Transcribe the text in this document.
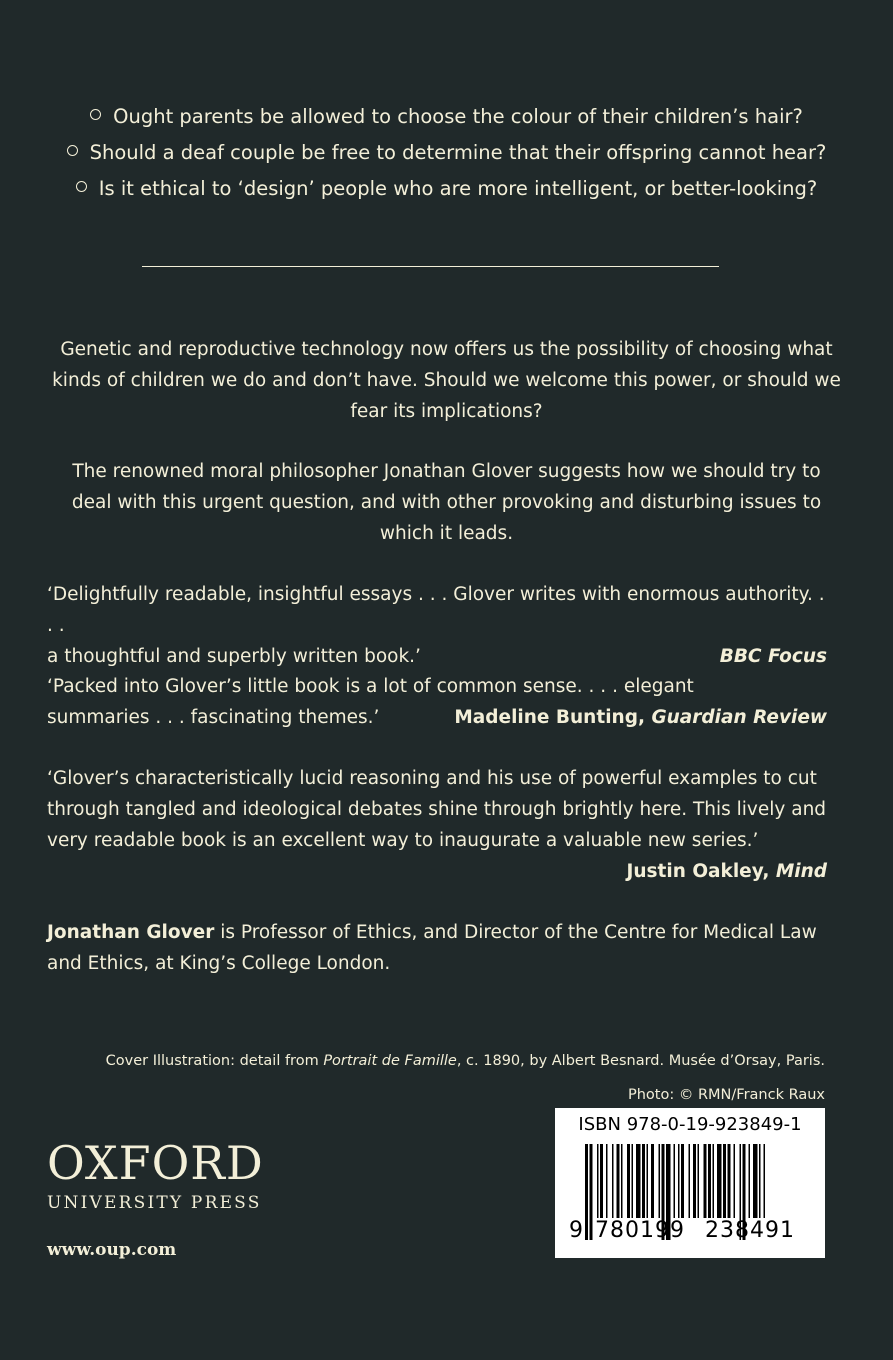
Ought parents be allowed to choose the colour of their children’s hair?
Should a deaf couple be free to determine that their offspring cannot hear?
Is it ethical to ‘design’ people who are more intelligent, or better-looking?
Genetic and reproductive technology now offers us the possibility of choosing what
kinds of children we do and don’t have. Should we welcome this power, or should we
fear its implications?
The renowned moral philosopher Jonathan Glover suggests how we should try to
deal with this urgent question, and with other provoking and disturbing issues to
which it leads.
‘Delightfully readable, insightful essays . . . Glover writes with enormous authority. . . .
a thoughtful and superbly written book.’	BBC Focus
‘Packed into Glover’s little book is a lot of common sense. . . . elegant
summaries . . . fascinating themes.’	Madeline Bunting, Guardian Review
‘Glover’s characteristically lucid reasoning and his use of powerful examples to cut
through tangled and ideological debates shine through brightly here. This lively and
very readable book is an excellent way to inaugurate a valuable new series.’
Justin Oakley, Mind
Jonathan Glover is Professor of Ethics, and Director of the Centre for Medical Law
and Ethics, at King’s College London.
Cover Illustration: detail from Portrait de Famille, c. 1890, by Albert Besnard. Musée d’Orsay, Paris.
Photo: © RMN/Franck Raux
OXFORD
UNIVERSITY PRESS
www.oup.com
ISBN 978-0-19-923849-1
9 780199 238491
